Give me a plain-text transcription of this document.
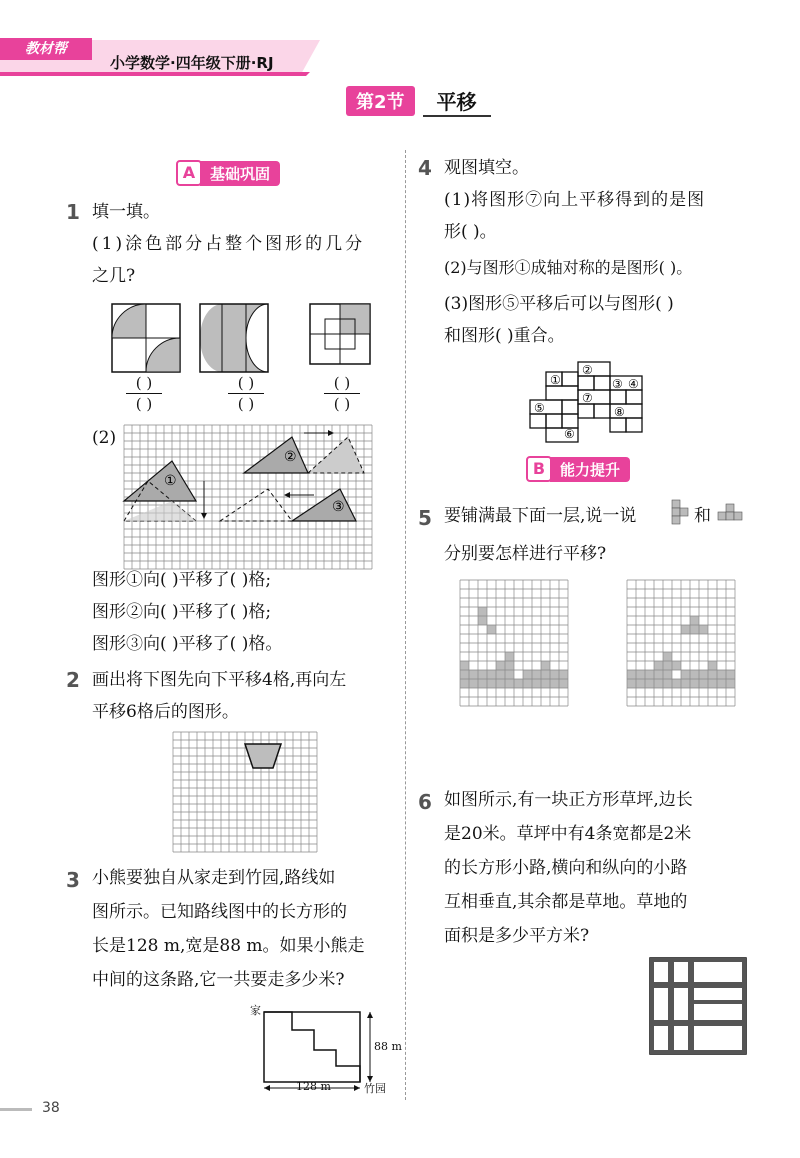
教材帮
小学数学·四年级下册·RJ
第2节	平移
A 基础巩固
1 填一填。
(1)涂色部分占整个图形的几分
之几?
( )
( )
( )
( )
( )
( )
(2)
①
②
③
图形①向( )平移了( )格;
图形②向( )平移了( )格;
图形③向( )平移了( )格。
2 画出将下图先向下平移4格,再向左
平移6格后的图形。
3 小熊要独自从家走到竹园,路线如
图所示。已知路线图中的长方形的
长是128 m,宽是88 m。如果小熊走
中间的这条路,它一共要走多少米?
家
竹园
88 m
128 m
4 观图填空。
(1)将图形⑦向上平移得到的是图
形( )。
(2)与图形①成轴对称的是图形( )。
(3)图形⑤平移后可以与图形( )
和图形( )重合。
①
②
③ ④
⑤
⑥
⑦
⑧
B 能力提升
5 要铺满最下面一层,说一说	和
分别要怎样进行平移?
6 如图所示,有一块正方形草坪,边长
是20米。草坪中有4条宽都是2米
的长方形小路,横向和纵向的小路
互相垂直,其余都是草地。草地的
面积是多少平方米?
38
